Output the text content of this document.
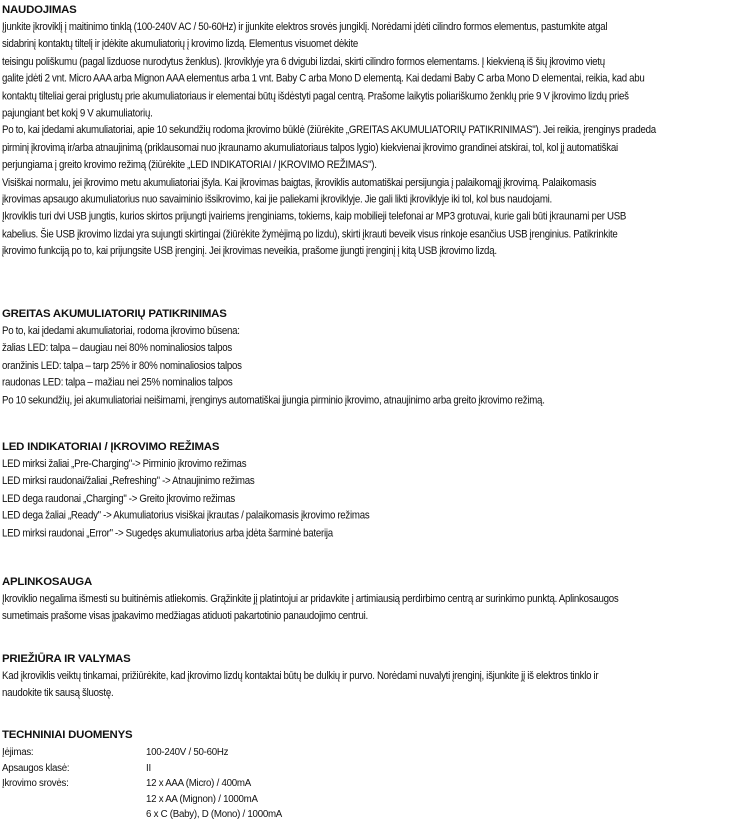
NAUDOJIMAS
Įjunkite įkroviklį į maitinimo tinklą (100-240V AC / 50-60Hz) ir įjunkite elektros srovės jungiklį. Norėdami įdėti cilindro formos elementus, pastumkite atgal
sidabrinį kontaktų tiltelį ir įdėkite akumuliatorių į krovimo lizdą. Elementus visuomet dėkite
teisingu poliškumu (pagal lizduose nurodytus ženklus). Įkroviklyje yra 6 dvigubi lizdai, skirti cilindro formos elementams. Į kiekvieną iš šių įkrovimo vietų
galite įdėti 2 vnt. Micro AAA arba Mignon AAA elementus arba 1 vnt. Baby C arba Mono D elementą. Kai dedami Baby C arba Mono D elementai, reikia, kad abu
kontaktų tilteliai gerai priglustų prie akumuliatoriaus ir elementai būtų išdėstyti pagal centrą. Prašome laikytis poliariškumo ženklų prie 9 V įkrovimo lizdų prieš
pajungiant bet kokį 9 V akumuliatorių.
Po to, kai įdedami akumuliatoriai, apie 10 sekundžių rodoma įkrovimo būklė (žiūrėkite „GREITAS AKUMULIATORIŲ PATIKRINIMAS"). Jei reikia, įrenginys pradeda
pirminį įkrovimą ir/arba atnaujinimą (priklausomai nuo įkraunamo akumuliatoriaus talpos lygio) kiekvienai įkrovimo grandinei atskirai, tol, kol jį automatiškai
perjungiama į greito krovimo režimą (žiūrėkite „LED INDIKATORIAI / ĮKROVIMO REŽIMAS").
Visiškai normalu, jei įkrovimo metu akumuliatoriai įšyla. Kai įkrovimas baigtas, įkroviklis automatiškai persijungia į palaikomąjį įkrovimą. Palaikomasis
įkrovimas apsaugo akumuliatorius nuo savaiminio išsikrovimo, kai jie paliekami įkroviklyje. Jie gali likti įkroviklyje iki tol, kol bus naudojami.
Įkroviklis turi dvi USB jungtis, kurios skirtos prijungti įvairiems įrenginiams, tokiems, kaip mobilieji telefonai ar MP3 grotuvai, kurie gali būti įkraunami per USB
kabelius. Šie USB įkrovimo lizdai yra sujungti skirtingai (žiūrėkite žymėjimą po lizdu), skirti įkrauti beveik visus rinkoje esančius USB įrenginius. Patikrinkite
įkrovimo funkciją po to, kai prijungsite USB įrenginį. Jei įkrovimas neveikia, prašome įjungti įrenginį į kitą USB įkrovimo lizdą.
GREITAS AKUMULIATORIŲ PATIKRINIMAS
Po to, kai įdedami akumuliatoriai, rodoma įkrovimo būsena:
žalias LED: talpa – daugiau nei 80% nominaliosios talpos
oranžinis LED: talpa – tarp 25% ir 80% nominaliosios talpos
raudonas LED: talpa – mažiau nei 25% nominalios talpos
Po 10 sekundžių, jei akumuliatoriai neišimami, įrenginys automatiškai įjungia pirminio įkrovimo, atnaujinimo arba greito įkrovimo režimą.
LED INDIKATORIAI / ĮKROVIMO REŽIMAS
LED mirksi žaliai „Pre-Charging"-> Pirminio įkrovimo režimas
LED mirksi raudonai/žaliai „Refreshing" -> Atnaujinimo režimas
LED dega raudonai „Charging" -> Greito įkrovimo režimas
LED dega žaliai „Ready" -> Akumuliatorius visiškai įkrautas / palaikomasis įkrovimo režimas
LED mirksi raudonai „Error" -> Sugedęs akumuliatorius arba įdėta šarminė baterija
APLINKOSAUGA
Įkroviklio negalima išmesti su buitinėmis atliekomis. Grąžinkite jį platintojui ar pridavkite į artimiausią perdirbimo centrą ar surinkimo punktą. Aplinkosaugos
sumetimais prašome visas įpakavimo medžiagas atiduoti pakartotinio panaudojimo centrui.
PRIEŽIŪRA IR VALYMAS
Kad įkroviklis veiktų tinkamai, prižiūrėkite, kad įkrovimo lizdų kontaktai būtų be dulkių ir purvo. Norėdami nuvalyti įrenginį, išjunkite jį iš elektros tinklo ir
naudokite tik sausą šluostę.
TECHNINIAI DUOMENYS
Įėjimas:	100-240V / 50-60Hz
Apsaugos klasė:	II
Įkrovimo srovės:	12 x AAA (Micro) / 400mA
12 x AA (Mignon) / 1000mA
6 x C (Baby), D (Mono) / 1000mA
